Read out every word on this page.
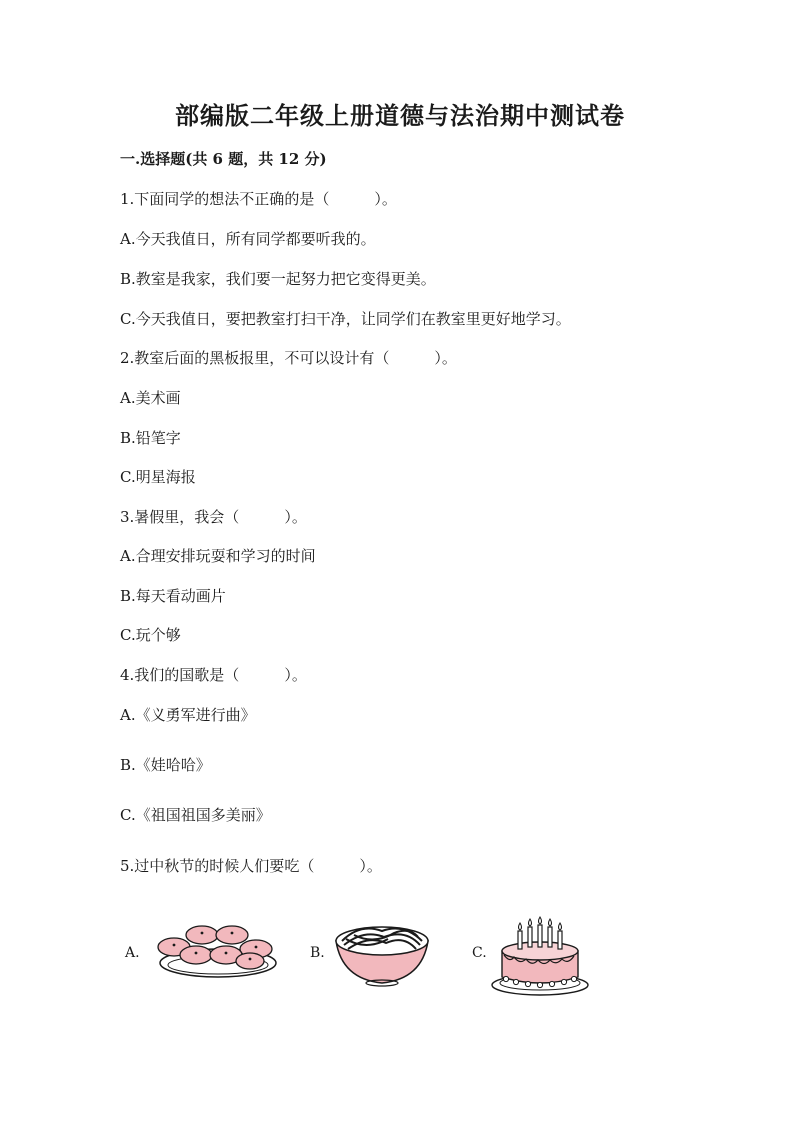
部编版二年级上册道德与法治期中测试卷
一.选择题(共 6 题，共 12 分)
1.下面同学的想法不正确的是（　　　）。
A.今天我值日，所有同学都要听我的。
B.教室是我家，我们要一起努力把它变得更美。
C.今天我值日，要把教室打扫干净，让同学们在教室里更好地学习。
2.教室后面的黑板报里，不可以设计有（　　　）。
A.美术画
B.铅笔字
C.明星海报
3.暑假里，我会（　　　）。
A.合理安排玩耍和学习的时间
B.每天看动画片
C.玩个够
4.我们的国歌是（　　　）。
A.《义勇军进行曲》
B.《娃哈哈》
C.《祖国祖国多美丽》
5.过中秋节的时候人们要吃（　　　）。
A.	B.	C.
